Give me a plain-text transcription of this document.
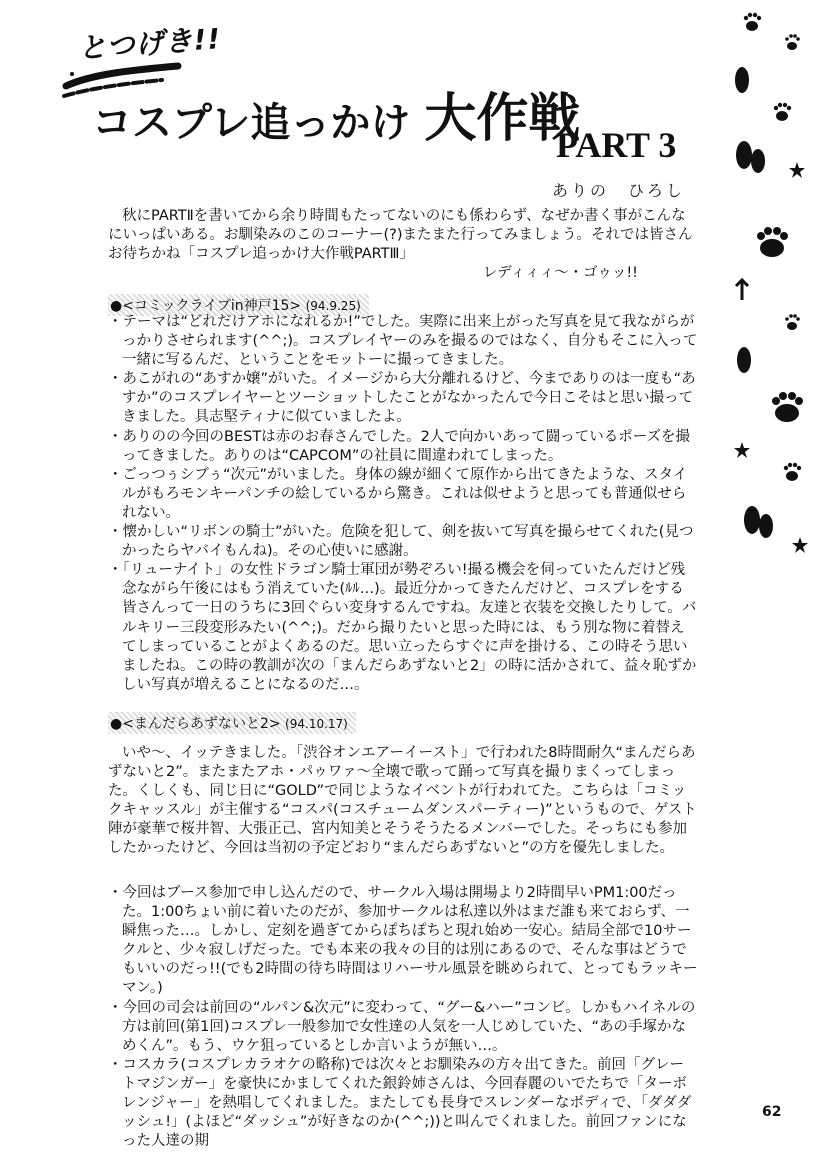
とつげき!!
コスプレ追っかけ 大作戦
PART 3
ありの　ひろし
秋にPARTⅡを書いてから余り時間もたってないのにも係わらず、なぜか書く事がこんなにいっぱいある。お馴染みのこのコーナー(?)またまた行ってみましょう。それでは皆さんお待ちかね「コスプレ追っかけ大作戦PARTⅢ」
レディィィ〜・ゴゥッ!!
●<コミックライブin神戸15> (94.9.25)
・ テーマは“どれだけアホになれるか!”でした。実際に出来上がった写真を見て我ながらがっかりさせられます(^^;)。コスプレイヤーのみを撮るのではなく、自分もそこに入って一緒に写るんだ、ということをモットーに撮ってきました。
・ あこがれの“あすか嬢”がいた。イメージから大分離れるけど、今までありのは一度も“あすか”のコスプレイヤーとツーショットしたことがなかったんで今日こそはと思い撮ってきました。具志堅ティナに似ていましたよ。
・ ありのの今回のBESTは赤のお春さんでした。2人で向かいあって闘っているポーズを撮ってきました。ありのは“CAPCOM”の社員に間違われてしまった。
・ ごっつぅシブぅ“次元”がいました。身体の線が細くて原作から出てきたような、スタイルがもろモンキーパンチの絵しているから驚き。これは似せようと思っても普通似せられない。
・ 懐かしい“リボンの騎士”がいた。危険を犯して、剣を抜いて写真を撮らせてくれた(見つかったらヤバイもんね)。その心使いに感謝。
・ 「リューナイト」の女性ドラゴン騎士軍団が勢ぞろい!撮る機会を伺っていたんだけど残念ながら午後にはもう消えていた(ﾙﾙ…)。最近分かってきたんだけど、コスプレをする皆さんって一日のうちに3回ぐらい変身するんですね。友達と衣装を交換したりして。バルキリー三段変形みたい(^^;)。だから撮りたいと思った時には、もう別な物に着替えてしまっていることがよくあるのだ。思い立ったらすぐに声を掛ける、この時そう思いましたね。この時の教訓が次の「まんだらあずないと2」の時に活かされて、益々恥ずかしい写真が増えることになるのだ…。
●<まんだらあずないと2> (94.10.17)
いや〜、イッテきました。「渋谷オンエアーイースト」で行われた8時間耐久“まんだらあずないと2”。またまたアホ・パゥワァ〜全壊で歌って踊って写真を撮りまくってしまった。くしくも、同じ日に“GOLD”で同じようなイベントが行われてた。こちらは「コミックキャッスル」が主催する“コスパ(コスチュームダンスパーティー)”というもので、ゲスト陣が豪華で桜井智、大張正己、宮内知美とそうそうたるメンバーでした。そっちにも参加したかったけど、今回は当初の予定どおり“まんだらあずないと”の方を優先しました。
・ 今回はブース参加で申し込んだので、サークル入場は開場より2時間早いPM1:00だった。1:00ちょい前に着いたのだが、参加サークルは私達以外はまだ誰も来ておらず、一瞬焦った…。しかし、定刻を過ぎてからぽちぽちと現れ始め一安心。結局全部で10サークルと、少々寂しげだった。でも本来の我々の目的は別にあるので、そんな事はどうでもいいのだっ!!(でも2時間の待ち時間はリハーサル風景を眺められて、とってもラッキーマン。)
・ 今回の司会は前回の“ルパン&次元”に変わって、“グー&ハー”コンビ。しかもハイネルの方は前回(第1回)コスプレ一般参加で女性達の人気を一人じめしていた、“あの手塚かなめくん”。もう、ウケ狙っているとしか言いようが無い…。
・ コスカラ(コスプレカラオケの略称)では次々とお馴染みの方々出てきた。前回「グレートマジンガー」を豪快にかましてくれた銀鈴姉さんは、今回春麗のいでたちで「ターボレンジャー」を熱唱してくれました。またしても長身でスレンダーなボディで、「ダダダッシュ!」(よほど“ダッシュ”が好きなのか(^^;))と叫んでくれました。前回ファンになった人達の期
62
